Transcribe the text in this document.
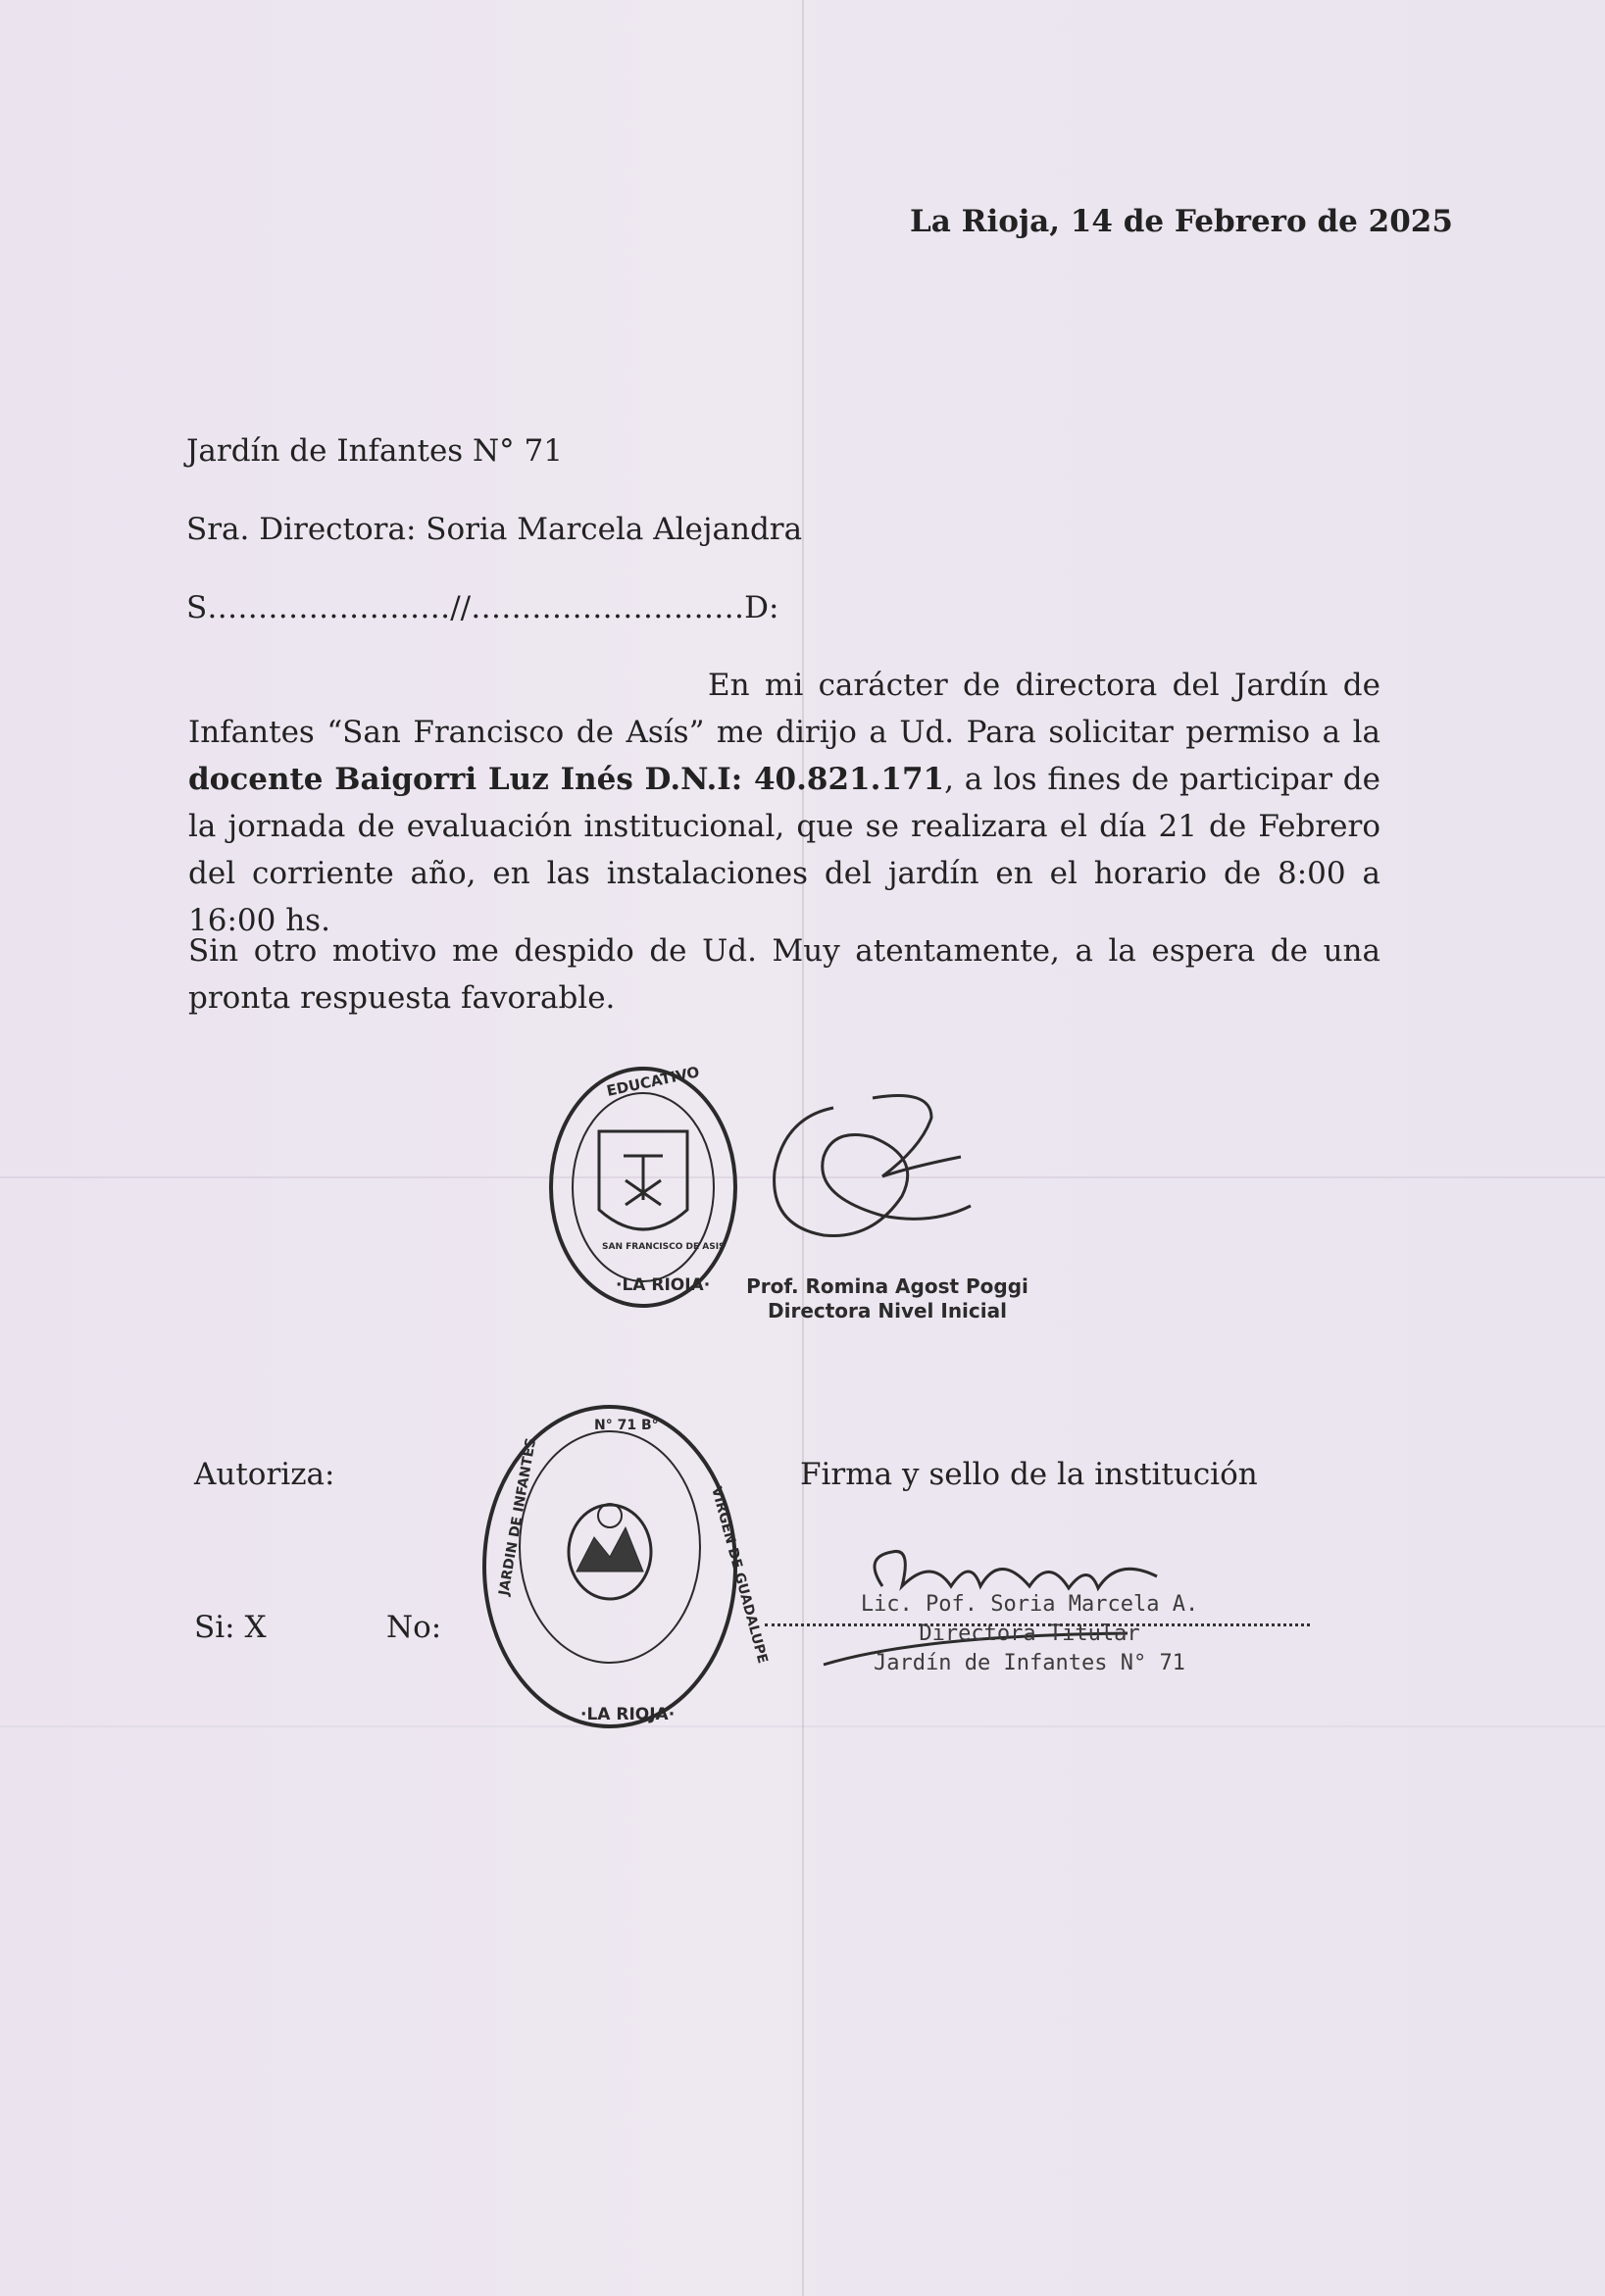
La Rioja, 14 de Febrero de 2025
Jardín de Infantes N° 71
Sra. Directora: Soria Marcela Alejandra
S……………………//………………………D:
En mi carácter de directora del Jardín de Infantes “San Francisco de Asís” me dirijo a Ud. Para solicitar permiso a la docente Baigorri Luz Inés D.N.I: 40.821.171, a los fines de participar de la jornada de evaluación institucional, que se realizara el día 21 de Febrero del corriente año, en las instalaciones del jardín en el horario de 8:00 a 16:00 hs.
Sin otro motivo me despido de Ud. Muy atentamente, a la espera de una pronta respuesta favorable.
EDUCATIVO
·LA RIOJA·
SAN FRANCISCO DE ASIS
Prof. Romina Agost Poggi
Directora Nivel Inicial
Autoriza:	Firma y sello de la institución
Si: X	No:
JARDIN DE INFANTES
N° 71 B°
VIRGEN DE GUADALUPE
·LA RIOJA·
Lic. Pof. Soria Marcela A.
Directora Titular
Jardín de Infantes N° 71
